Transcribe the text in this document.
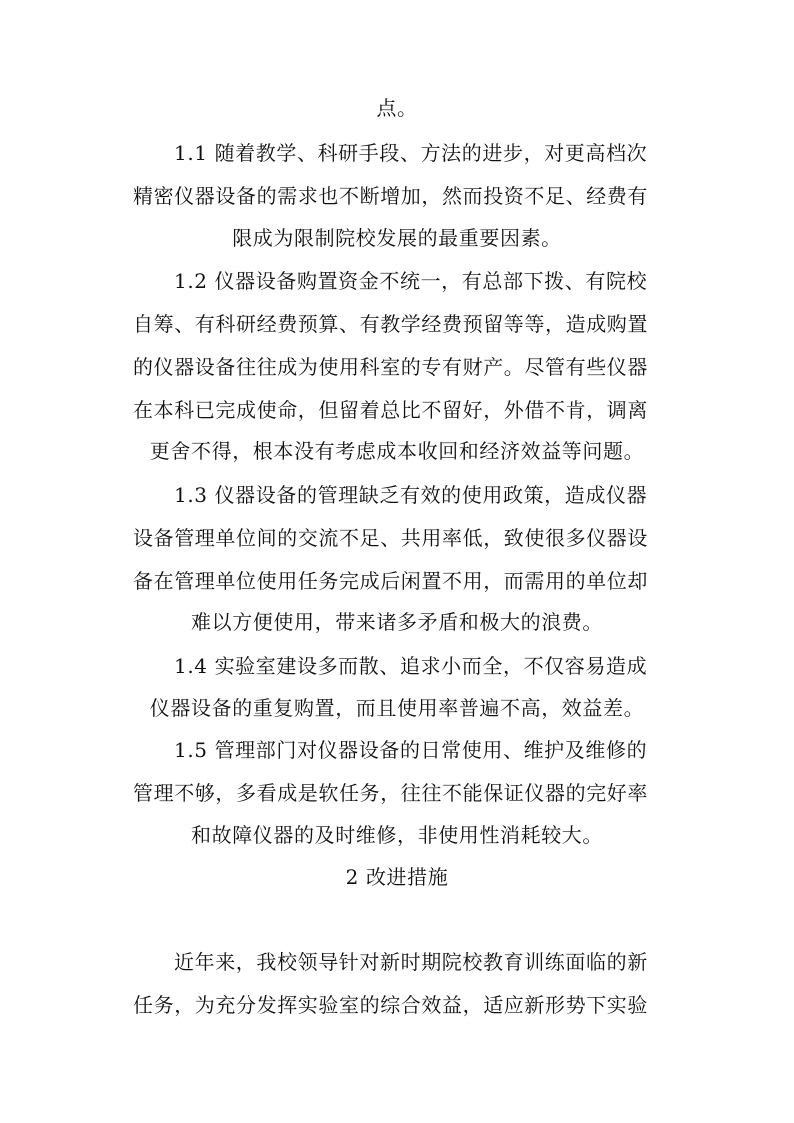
点。
1.1 随着教学、科研手段、方法的进步，对更高档次
精密仪器设备的需求也不断增加，然而投资不足、经费有
限成为限制院校发展的最重要因素。
1.2 仪器设备购置资金不统一，有总部下拨、有院校
自筹、有科研经费预算、有教学经费预留等等，造成购置
的仪器设备往往成为使用科室的专有财产。尽管有些仪器
在本科已完成使命，但留着总比不留好，外借不肯，调离
更舍不得，根本没有考虑成本收回和经济效益等问题。
1.3 仪器设备的管理缺乏有效的使用政策，造成仪器
设备管理单位间的交流不足、共用率低，致使很多仪器设
备在管理单位使用任务完成后闲置不用，而需用的单位却
难以方便使用，带来诸多矛盾和极大的浪费。
1.4 实验室建设多而散、追求小而全，不仅容易造成
仪器设备的重复购置，而且使用率普遍不高，效益差。
1.5 管理部门对仪器设备的日常使用、维护及维修的
管理不够，多看成是软任务，往往不能保证仪器的完好率
和故障仪器的及时维修，非使用性消耗较大。
2 改进措施
近年来，我校领导针对新时期院校教育训练面临的新
任务，为充分发挥实验室的综合效益，适应新形势下实验
